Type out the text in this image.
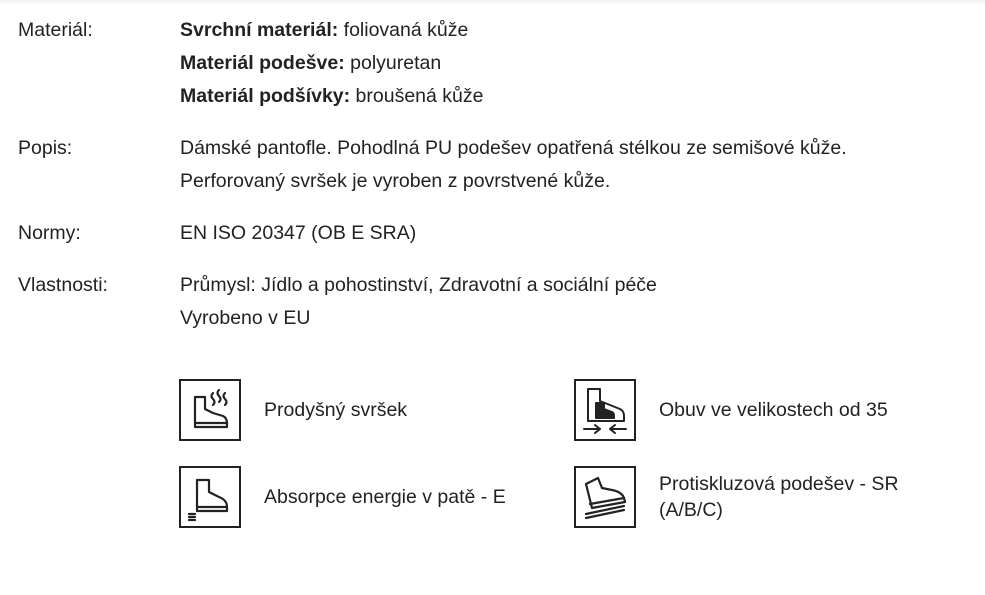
Materiál:	Svrchní materiál: foliovaná kůže
Materiál podešve: polyuretan
Materiál podšívky: broušená kůže
Popis:	Dámské pantofle. Pohodlná PU podešev opatřená stélkou ze semišové kůže.
Perforovaný svršek je vyroben z povrstvené kůže.
Normy:	EN ISO 20347 (OB E SRA)
Vlastnosti:	Průmysl: Jídlo a pohostinství, Zdravotní a sociální péče
Vyrobeno v EU
Prodyšný svršek	Obuv ve velikostech od 35
Absorpce energie v patě - E
Protiskluzová podešev - SR (A/B/C)
